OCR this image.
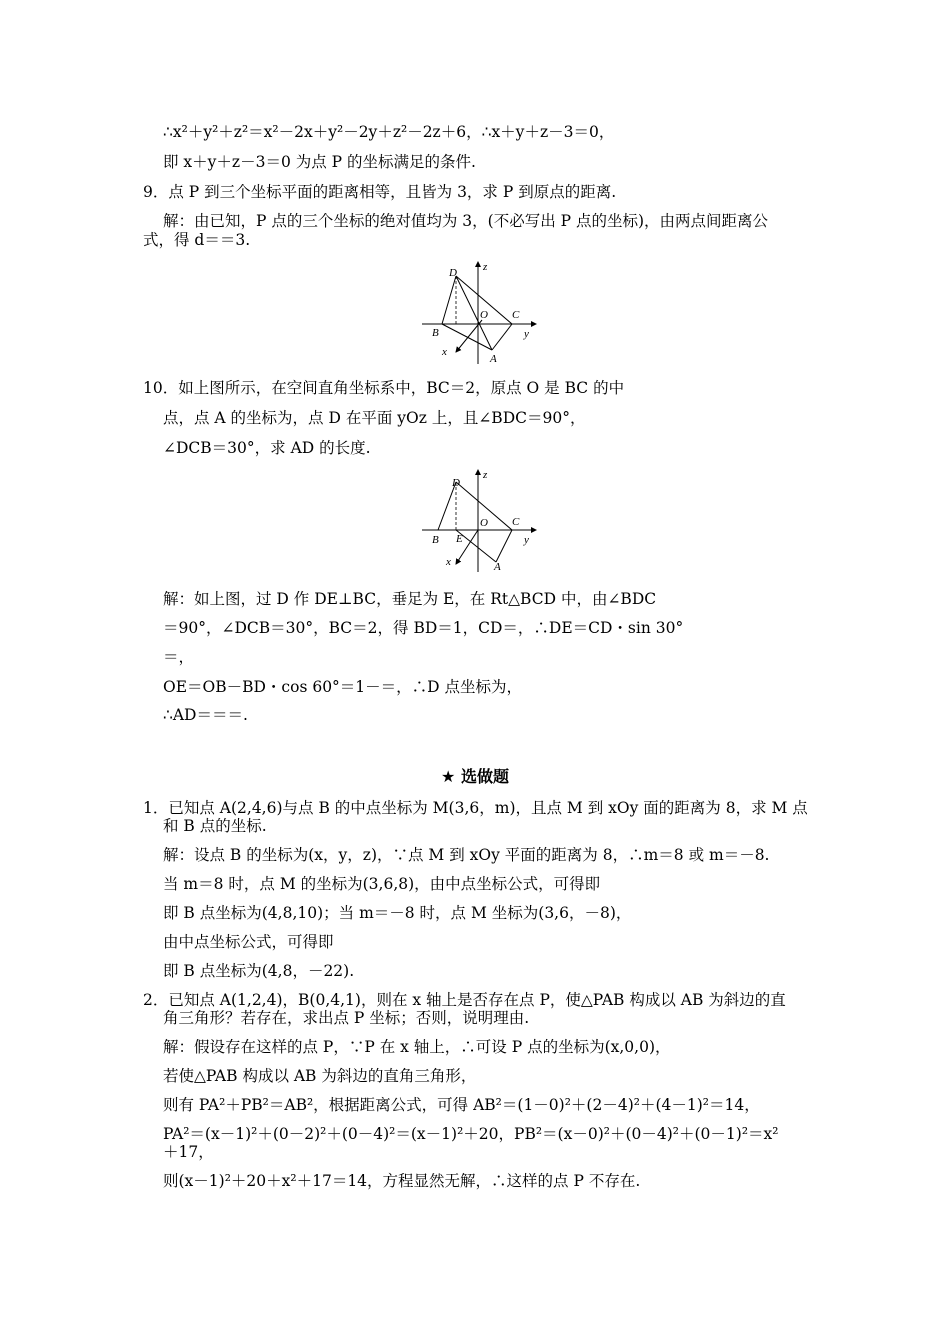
∴x²＋y²＋z²＝x²－2x＋y²－2y＋z²－2z＋6，∴x＋y＋z－3＝0，
即 x＋y＋z－3＝0 为点 P 的坐标满足的条件.
9．点 P 到三个坐标平面的距离相等，且皆为 3，求 P 到原点的距离.
解：由已知，P 点的三个坐标的绝对值均为 3，(不必写出 P 点的坐标)，由两点间距离公
式，得 d＝＝3.
D z
O C
B	y
x
A
10．如上图所示，在空间直角坐标系中，BC＝2，原点 O 是 BC 的中
点，点 A 的坐标为，点 D 在平面 yOz 上，且∠BDC＝90°，
∠DCB＝30°，求 AD 的长度.
D
z
O C
B E	y
x	A
解：如上图，过 D 作 DE⊥BC，垂足为 E，在 Rt△BCD 中，由∠BDC
＝90°，∠DCB＝30°，BC＝2，得 BD＝1，CD＝，∴DE＝CD・sin 30°
＝，
OE＝OB－BD・cos 60°＝1－＝，∴D 点坐标为，
∴AD＝＝＝.
★ 选做题
1．已知点 A(2,4,6)与点 B 的中点坐标为 M(3,6，m)，且点 M 到 xOy 面的距离为 8，求 M 点
和 B 点的坐标.
解：设点 B 的坐标为(x，y，z)，∵点 M 到 xOy 平面的距离为 8，∴m＝8 或 m＝－8.
当 m＝8 时，点 M 的坐标为(3,6,8)，由中点坐标公式，可得即
即 B 点坐标为(4,8,10)；当 m＝－8 时，点 M 坐标为(3,6，－8)，
由中点坐标公式，可得即
即 B 点坐标为(4,8，－22).
2．已知点 A(1,2,4)，B(0,4,1)，则在 x 轴上是否存在点 P，使△PAB 构成以 AB 为斜边的直
角三角形？若存在，求出点 P 坐标；否则，说明理由.
解：假设存在这样的点 P，∵P 在 x 轴上，∴可设 P 点的坐标为(x,0,0)，
若使△PAB 构成以 AB 为斜边的直角三角形，
则有 PA²＋PB²＝AB²，根据距离公式，可得 AB²＝(1－0)²＋(2－4)²＋(4－1)²＝14，
PA²＝(x－1)²＋(0－2)²＋(0－4)²＝(x－1)²＋20，PB²＝(x－0)²＋(0－4)²＋(0－1)²＝x²
＋17，
则(x－1)²＋20＋x²＋17＝14，方程显然无解，∴这样的点 P 不存在.
